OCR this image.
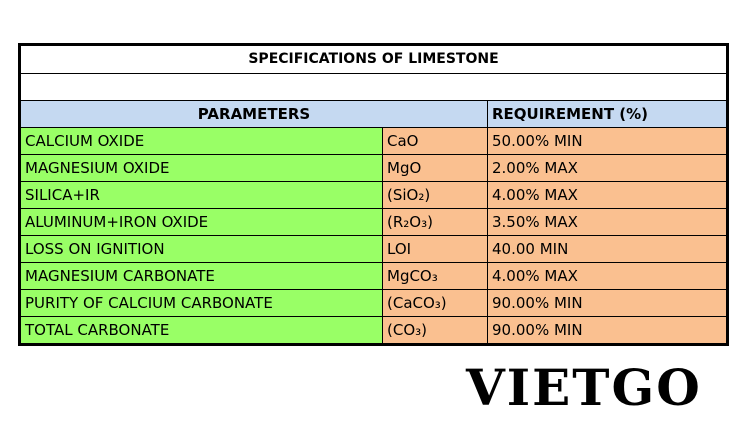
SPECIFICATIONS OF LIMESTONE		

PARAMETERS		REQUIREMENT (%)
CALCIUM OXIDE	CaO	50.00% MIN
MAGNESIUM OXIDE	MgO	2.00% MAX
SILICA+IR	(SiO₂)	4.00% MAX
ALUMINUM+IRON OXIDE	(R₂O₃)	3.50% MAX
LOSS ON IGNITION	LOI	40.00 MIN
MAGNESIUM CARBONATE	MgCO₃	4.00% MAX
PURITY OF CALCIUM CARBONATE	(CaCO₃)	90.00% MIN
TOTAL CARBONATE	(CO₃)	90.00% MIN
VIETGO
